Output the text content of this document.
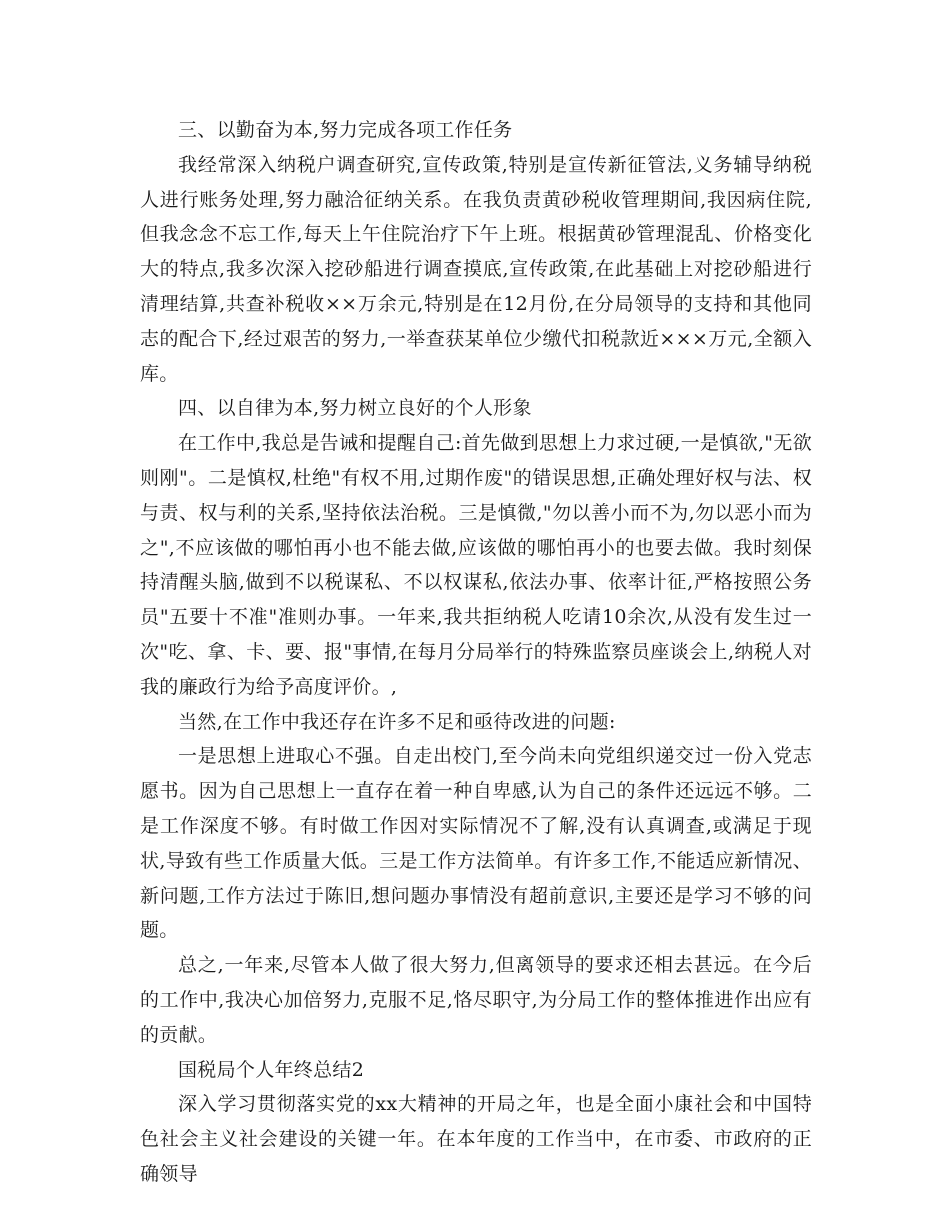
三、以勤奋为本,努力完成各项工作任务

我经常深入纳税户调查研究,宣传政策,特别是宣传新征管法,义务辅导纳税人进行账务处理,努力融洽征纳关系。在我负责黄砂税收管理期间,我因病住院,但我念念不忘工作,每天上午住院治疗下午上班。根据黄砂管理混乱、价格变化大的特点,我多次深入挖砂船进行调查摸底,宣传政策,在此基础上对挖砂船进行清理结算,共查补税收××万余元,特别是在12月份,在分局领导的支持和其他同志的配合下,经过艰苦的努力,一举查获某单位少缴代扣税款近×××万元,全额入库。

四、以自律为本,努力树立良好的个人形象

在工作中,我总是告诫和提醒自己:首先做到思想上力求过硬,一是慎欲,"无欲则刚"。二是慎权,杜绝"有权不用,过期作废"的错误思想,正确处理好权与法、权与责、权与利的关系,坚持依法治税。三是慎微,"勿以善小而不为,勿以恶小而为之",不应该做的哪怕再小也不能去做,应该做的哪怕再小的也要去做。我时刻保持清醒头脑,做到不以税谋私、不以权谋私,依法办事、依率计征,严格按照公务员"五要十不准"准则办事。一年来,我共拒纳税人吃请10余次,从没有发生过一次"吃、拿、卡、要、报"事情,在每月分局举行的特殊监察员座谈会上,纳税人对我的廉政行为给予高度评价。,

当然,在工作中我还存在许多不足和亟待改进的问题:

一是思想上进取心不强。自走出校门,至今尚未向党组织递交过一份入党志愿书。因为自己思想上一直存在着一种自卑感,认为自己的条件还远远不够。二是工作深度不够。有时做工作因对实际情况不了解,没有认真调查,或满足于现状,导致有些工作质量大低。三是工作方法简单。有许多工作,不能适应新情况、新问题,工作方法过于陈旧,想问题办事情没有超前意识,主要还是学习不够的问题。

总之,一年来,尽管本人做了很大努力,但离领导的要求还相去甚远。在今后的工作中,我决心加倍努力,克服不足,恪尽职守,为分局工作的整体推进作出应有的贡献。

国税局个人年终总结2

深入学习贯彻落实党的xx大精神的开局之年，也是全面小康社会和中国特色社会主义社会建设的关键一年。在本年度的工作当中，在市委、市政府的正确领导
